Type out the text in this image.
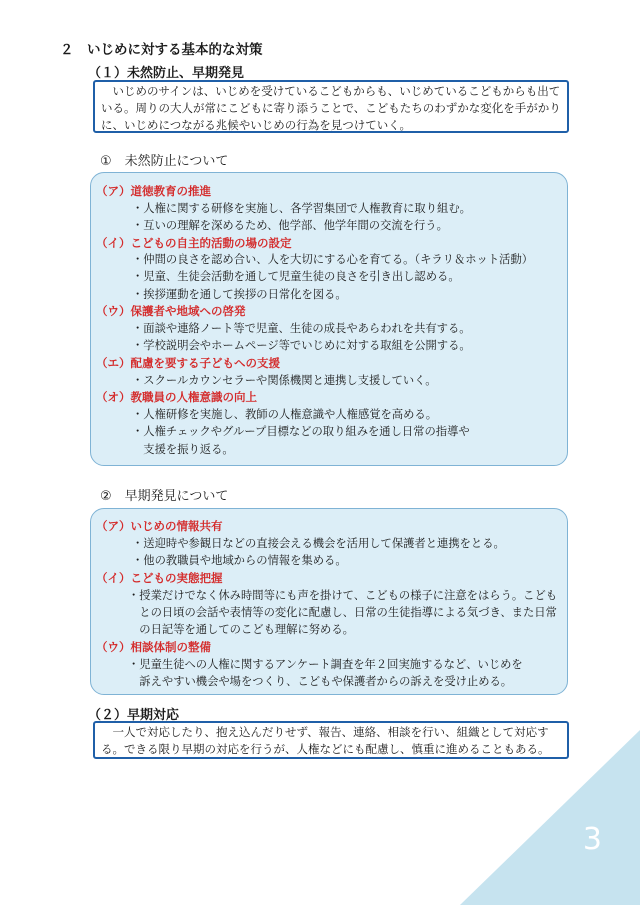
２　いじめに対する基本的な対策
（１）未然防止、早期発見
いじめのサインは、いじめを受けているこどもからも、いじめているこどもからも出ている。周りの大人が常にこどもに寄り添うことで、こどもたちのわずかな変化を手がかりに、いじめにつながる兆候やいじめの行為を見つけていく。
①　未然防止について
（ア）道徳教育の推進
・人権に関する研修を実施し、各学習集団で人権教育に取り組む。
・互いの理解を深めるため、他学部、他学年間の交流を行う。
（イ）こどもの自主的活動の場の設定
・仲間の良さを認め合い、人を大切にする心を育てる。（キラリ＆ホット活動）
・児童、生徒会活動を通して児童生徒の良さを引き出し認める。
・挨拶運動を通して挨拶の日常化を図る。
（ウ）保護者や地域への啓発
・面談や連絡ノート等で児童、生徒の成長やあらわれを共有する。
・学校説明会やホームページ等でいじめに対する取組を公開する。
（エ）配慮を要する子どもへの支援
・スクールカウンセラーや関係機関と連携し支援していく。
（オ）教職員の人権意識の向上
・人権研修を実施し、教師の人権意識や人権感覚を高める。
・人権チェックやグループ目標などの取り組みを通し日常の指導や
　支援を振り返る。
②　早期発見について
（ア）いじめの情報共有
・送迎時や参観日などの直接会える機会を活用して保護者と連携をとる。
・他の教職員や地域からの情報を集める。
（イ）こどもの実態把握
・授業だけでなく休み時間等にも声を掛けて、こどもの様子に注意をはらう。こども
　との日頃の会話や表情等の変化に配慮し、日常の生徒指導による気づき、また日常
　の日記等を通してのこども理解に努める。
（ウ）相談体制の整備
・児童生徒への人権に関するアンケート調査を年２回実施するなど、いじめを
　訴えやすい機会や場をつくり、こどもや保護者からの訴えを受け止める。
（２）早期対応
一人で対応したり、抱え込んだりせず、報告、連絡、相談を行い、組織として対応する。できる限り早期の対応を行うが、人権などにも配慮し、慎重に進めることもある。
3
